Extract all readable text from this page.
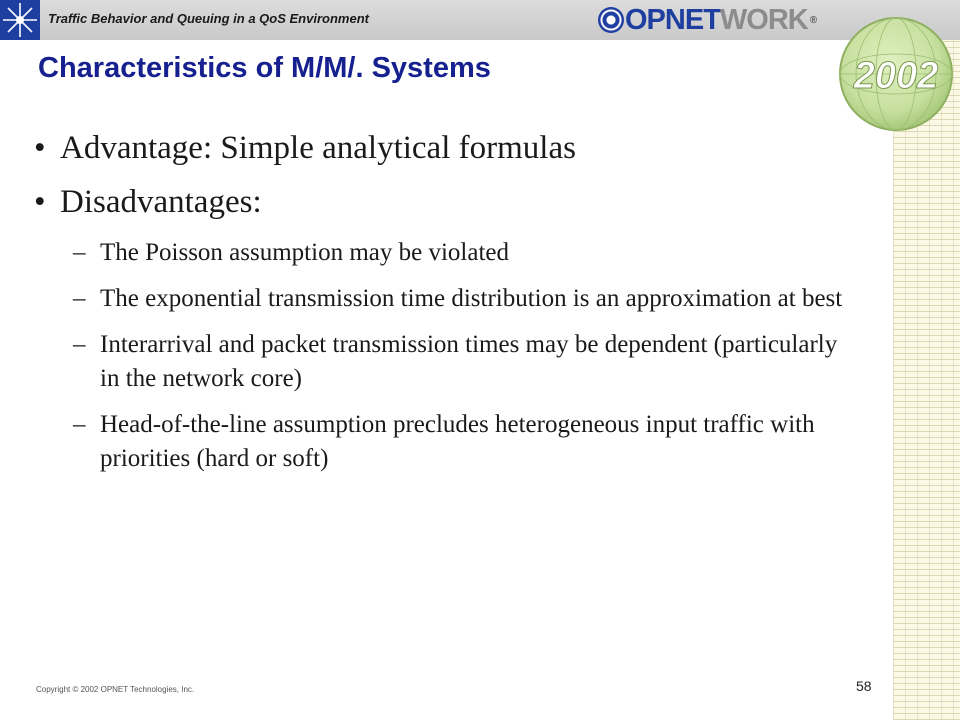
Traffic Behavior and Queuing in a QoS Environment	OP NET WORK ®
2002
Characteristics of M/M/. Systems
• Advantage: Simple analytical formulas
• Disadvantages:
– The Poisson assumption may be violated
– The exponential transmission time distribution is an approximation at best
– Interarrival and packet transmission times may be dependent (particularly in the network core)
– Head-of-the-line assumption precludes heterogeneous input traffic with priorities (hard or soft)
Copyright © 2002 OPNET Technologies, Inc.	58
